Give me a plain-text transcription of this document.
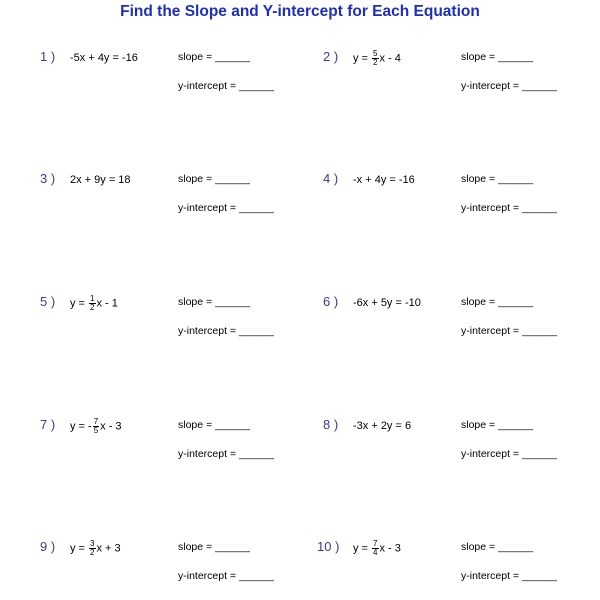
Find the Slope and Y-intercept for Each Equation
1 ) -5x + 4y = -16	slope = ______
y-intercept = ______
2 ) $y = \frac{5}{2}$ x - 4	slope = ______
y-intercept = ______
3 ) 2x + 9y = 18	slope = ______
y-intercept = ______
4 ) -x + 4y = -16	slope = ______
y-intercept = ______
5 ) $y = \frac{1}{2}$ x - 1	slope = ______
y-intercept = ______
6 ) -6x + 5y = -10	slope = ______
y-intercept = ______
7 ) y = - $\frac{7}{5}$ x - 3	slope = ______
y-intercept = ______
8 ) -3x + 2y = 6	slope = ______
y-intercept = ______
9 ) $y = \frac{3}{2}$ x + 3	slope = ______
y-intercept = ______
10 ) $y = \frac{7}{4}$ x - 3	slope = ______
y-intercept = ______
